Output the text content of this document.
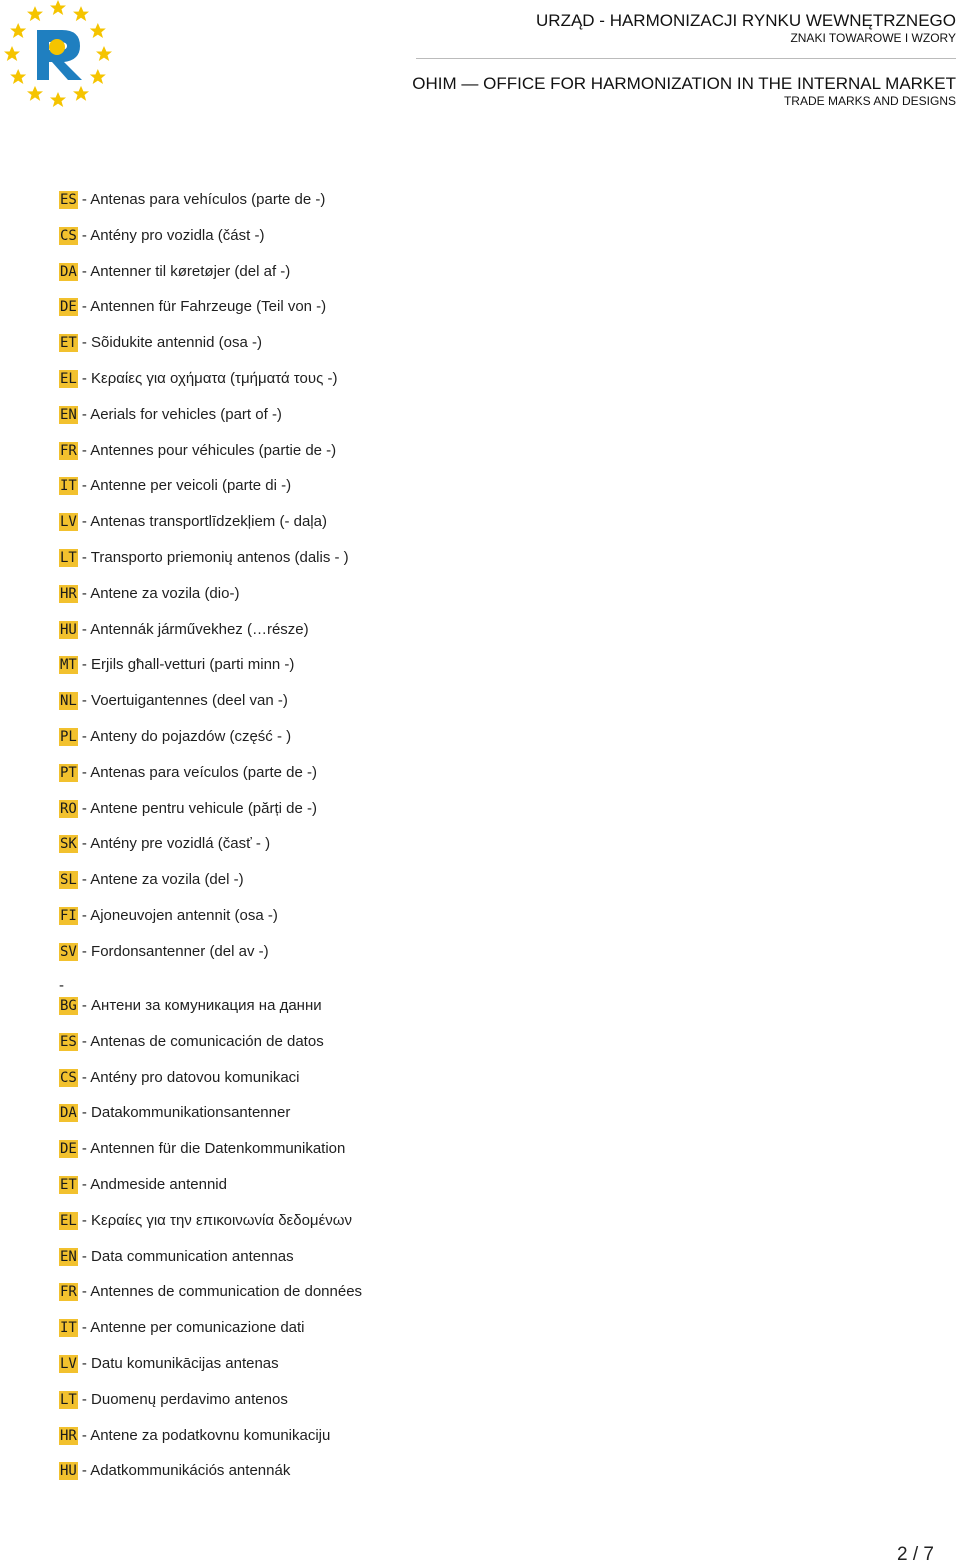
URZĄD - HARMONIZACJI RYNKU WEWNĘTRZNEGO
ZNAKI TOWAROWE I WZORY
OHIM — OFFICE FOR HARMONIZATION IN THE INTERNAL MARKET
TRADE MARKS AND DESIGNS
ES - Antenas para vehículos (parte de -)
CS - Antény pro vozidla (část -)
DA - Antenner til køretøjer (del af -)
DE - Antennen für Fahrzeuge (Teil von -)
ET - Sõidukite antennid (osa -)
EL - Κεραίες για οχήματα (τμήματά τους -)
EN - Aerials for vehicles (part of -)
FR - Antennes pour véhicules (partie de -)
IT - Antenne per veicoli (parte di -)
LV - Antenas transportlīdzekļiem (- daļa)
LT - Transporto priemonių antenos (dalis - )
HR - Antene za vozila (dio-)
HU - Antennák járművekhez (…része)
MT - Erjils għall-vetturi (parti minn -)
NL - Voertuigantennes (deel van -)
PL - Anteny do pojazdów (część - )
PT - Antenas para veículos (parte de -)
RO - Antene pentru vehicule (părți de -)
SK - Antény pre vozidlá (časť - )
SL - Antene za vozila (del -)
FI - Ajoneuvojen antennit (osa -)
SV - Fordonsantenner (del av -)
-
BG - Антени за комуникация на данни
ES - Antenas de comunicación de datos
CS - Antény pro datovou komunikaci
DA - Datakommunikationsantenner
DE - Antennen für die Datenkommunikation
ET - Andmeside antennid
EL - Κεραίες για την επικοινωνία δεδομένων
EN - Data communication antennas
FR - Antennes de communication de données
IT - Antenne per comunicazione dati
LV - Datu komunikācijas antenas
LT - Duomenų perdavimo antenos
HR - Antene za podatkovnu komunikaciju
HU - Adatkommunikációs antennák
2 / 7
